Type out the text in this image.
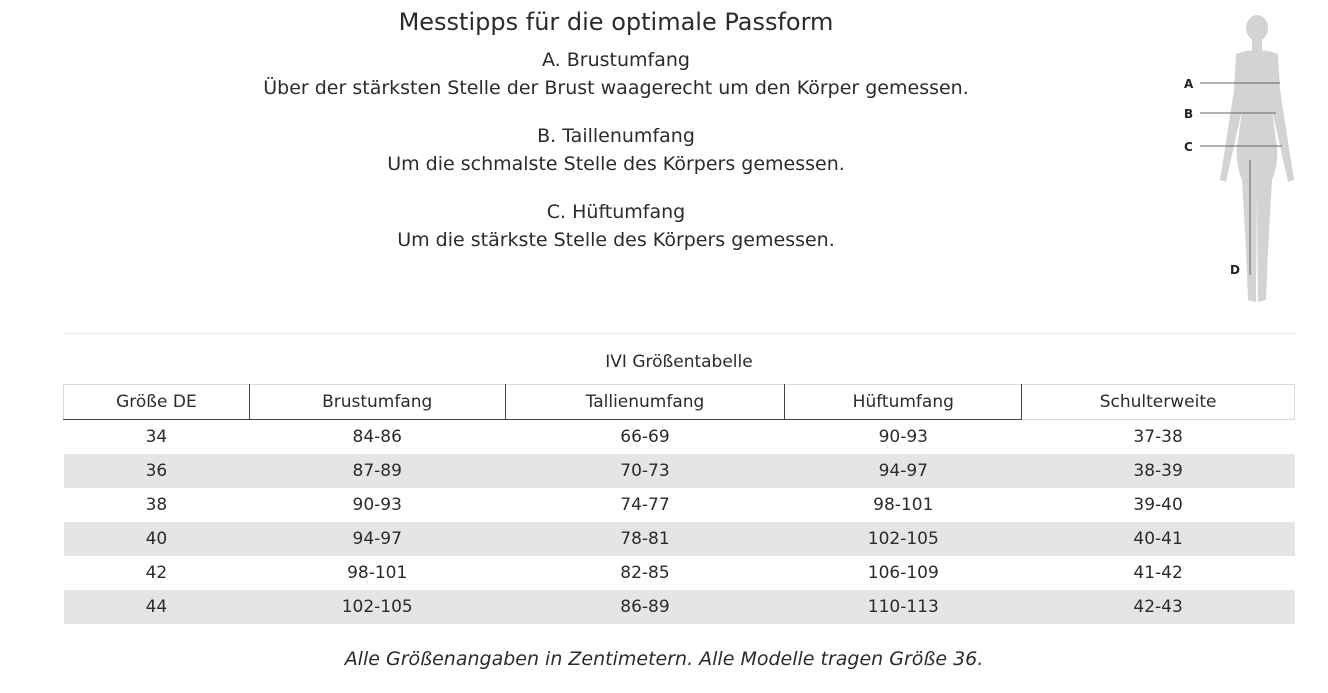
Messtipps für die optimale Passform
A. Brustumfang
Über der stärksten Stelle der Brust waagerecht um den Körper gemessen.
B. Taillenumfang
Um die schmalste Stelle des Körpers gemessen.
C. Hüftumfang
Um die stärkste Stelle des Körpers gemessen.
A
B
C
D
IVI Größentabelle
Größe DE	Brustumfang	Tallienumfang	Hüftumfang	Schulterweite
34	84-86	66-69	90-93	37-38
36	87-89	70-73	94-97	38-39
38	90-93	74-77	98-101	39-40
40	94-97	78-81	102-105	40-41
42	98-101	82-85	106-109	41-42
44	102-105	86-89	110-113	42-43
Alle Größenangaben in Zentimetern. Alle Modelle tragen Größe 36.
